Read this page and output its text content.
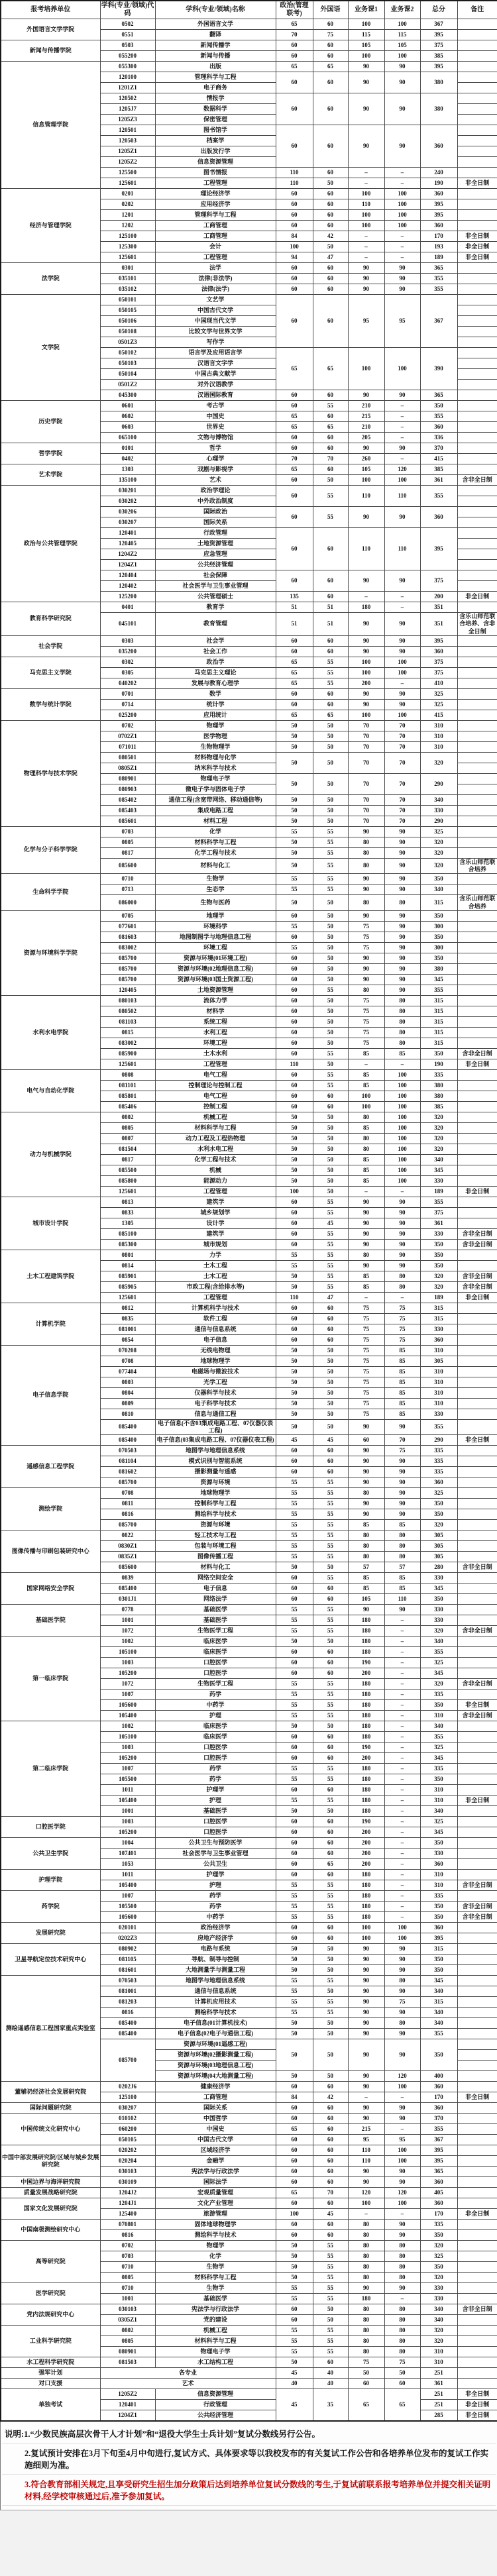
报考培养单位	学科(专业/领域)代码	学科(专业/领域)名称	政治(管理联考)	外国语	业务课1	业务课2	总分	备注
外国语言文学学院	0502	外国语言文学	65	60	100	100	367	
	0551	翻译	70	75	115	115	395	
新闻与传播学院	0503	新闻传播学	60	60	105	105	375	
	055200	新闻与传播	60	60	100	100	385	
信息管理学院	055300	出版	65	65	90	90	395	
	120100	管理科学与工程	60	60	90	90	380	
	1201Z1	电子商务						
	120502	情报学	60	60	90	90	380	
	1205J7	数据科学						
	1205Z3	保密管理						
	120501	图书馆学	60	60	90	90	360	
	120503	档案学						
	1205Z1	出版发行学						
	1205Z2	信息资源管理						
	125500	图书情报	110	60	–	–	240	
	125601	工程管理	110	50	–	–	190	非全日制
经济与管理学院	0201	理论经济学	60	60	100	100	360	
	0202	应用经济学	60	60	110	100	395	
	1201	管理科学与工程	60	60	100	100	395	
	1202	工商管理	60	60	100	100	360	
	125100	工商管理	84	42	–	–	170	非全日制
	125300	会计	100	50	–	–	193	非全日制
	125601	工程管理	94	47	–	–	189	非全日制
法学院	0301	法学	60	60	90	90	365	
	035101	法律(非法学)	60	60	90	90	355	
	035102	法律(法学)	60	60	90	90	355	
文学院	050101	文艺学	60	60	95	95	367	
	050105	中国古代文学						
	050106	中国现当代文学						
	050108	比较文学与世界文学						
	0501Z3	写作学						
	050102	语言学及应用语言学	65	65	100	100	390	
	050103	汉语言文字学						
	050104	中国古典文献学						
	0501Z2	对外汉语教学						
	045300	汉语国际教育	60	60	90	90	365	
历史学院	0601	考古学	60	55	210	–	350	
	0602	中国史	65	60	215	–	355	
	0603	世界史	65	65	210	–	360	
	065100	文物与博物馆	60	60	205	–	336	
哲学学院	0101	哲学	60	60	90	90	370	
	0402	心理学	70	70	260	–	415	
艺术学院	1303	戏剧与影视学	65	60	105	120	385	
	135100	艺术	60	50	100	100	361	含非全日制
政治与公共管理学院	030201	政治学理论	60	55	110	110	355	
	030202	中外政治制度						
	030206	国际政治	60	55	90	90	360	
	030207	国际关系						
	120401	行政管理	60	60	110	110	395	
	120405	土地资源管理						
	1204Z2	应急管理						
	1204Z1	公共经济管理						
	120404	社会保障	60	60	90	90	375	
	120402	社会医学与卫生事业管理						
	125200	公共管理硕士	135	60	–	–	200	非全日制
教育科学研究院	0401	教育学	51	51	180	–	351	
	045101	教育管理	51	51	90	90	351	含乐山师范联合培养、含非全日制
社会学院	0303	社会学	60	60	90	90	395	
	035200	社会工作	60	60	90	90	360	
马克思主义学院	0302	政治学	65	55	100	100	375	
	0305	马克思主义理论	65	55	100	100	375	
	040202	发展与教育心理学	65	55	200	–	410	
数学与统计学院	0701	数学	60	60	90	90	325	
	0714	统计学	60	60	90	90	325	
	025200	应用统计	65	65	100	100	415	
物理科学与技术学院	0702	物理学	50	50	70	70	310	
	0702Z1	医学物理	50	50	70	70	310	
	071011	生物物理学	50	50	70	70	310	
	080501	材料物理与化学	50	50	70	70	320	
	0805Z1	纳米科学与技术						
	080901	物理电子学	50	50	70	70	290	
	080903	微电子学与固体电子学						
	085402	通信工程(含宽带网络、移动通信等)	50	50	70	70	340	
	085403	集成电路工程	50	50	70	70	330	
	085601	材料工程	50	50	70	70	290	
化学与分子科学学院	0703	化学	55	55	90	90	325	
	0805	材料科学与工程	50	55	80	90	320	
	0817	化学工程与技术	50	55	80	90	320	
	085600	材料与化工	50	55	80	90	320	含乐山师范联合培养
生命科学学院	0710	生物学	55	55	90	90	350	
	0713	生态学	55	55	90	90	340	
	086000	生物与医药	50	50	80	80	315	含乐山师范联合培养
资源与环境科学学院	0705	地理学	60	50	90	90	350	
	077601	环境科学	55	50	75	90	300	
	081603	地图制图学与地理信息工程	60	50	75	90	350	
	083002	环境工程	55	50	75	90	300	
	085700	资源与环境(01环境工程)	60	50	90	90	350	
	085700	资源与环境(02地理信息工程)	60	50	90	90	380	
	085700	资源与环境(03国土资源工程)	60	50	90	90	345	
	120405	土地资源管理	60	55	80	90	355	
水利水电学院	080103	流体力学	60	50	75	80	315	
	080502	材料学	60	50	75	80	315	
	081103	系统工程	60	50	75	80	315	
	0815	水利工程	60	50	75	80	315	
	083002	环境工程	60	50	75	80	315	
	085900	土木水利	60	55	85	85	350	含非全日制
	125601	工程管理	110	50	–	–	190	非全日制
电气与自动化学院	0808	电气工程	60	55	85	100	335	
	081101	控制理论与控制工程	60	55	85	100	380	
	085801	电气工程	60	60	100	100	380	
	085406	控制工程	60	60	100	100	385	
动力与机械学院	0802	机械工程	50	50	80	100	320	
	0805	材料科学与工程	50	50	85	100	320	
	0807	动力工程及工程热物理	50	50	80	100	320	
	081504	水利水电工程	50	50	80	100	320	
	0817	化学工程与技术	50	50	85	100	340	
	085500	机械	50	50	85	100	345	
	085800	能源动力	50	50	85	100	330	
	125601	工程管理	100	50	–	–	189	非全日制
城市设计学院	0813	建筑学	60	55	90	90	355	
	0833	城乡规划学	60	55	90	90	375	
	1305	设计学	60	45	90	90	361	
	085100	建筑学	60	55	90	90	330	含非全日制
	085300	城市规划	60	55	90	90	350	含非全日制
土木工程建筑学院	0801	力学	55	55	80	90	350	
	0814	土木工程	55	55	90	90	350	
	085901	土木工程	50	55	85	80	320	含非全日制
	085905	市政工程(含给排水等)	50	55	85	80	320	含非全日制
	125601	工程管理	110	47	–	–	189	非全日制
计算机学院	0812	计算机科学与技术	60	60	75	75	315	
	0835	软件工程	60	60	75	75	315	
	081001	通信与信息系统	60	60	75	75	330	
	0854	电子信息	60	60	75	75	360	
电子信息学院	070208	无线电物理	50	50	75	85	310	
	0708	地球物理学	50	50	75	85	305	
	077404	电磁场与微波技术	50	50	75	85	310	
	0803	光学工程	50	50	75	85	310	
	0804	仪器科学与技术	50	50	75	85	310	
	0809	电子科学与技术	50	50	75	85	310	
	0810	信息与通信工程	50	50	75	85	330	
	085400	电子信息(不含03集成电路工程、07仪器仪表工程)	50	50	90	90	355	
	085400	电子信息(03集成电路工程、07仪器仪表工程)	45	45	60	70	290	非全日制
遥感信息工程学院	070503	地图学与地理信息系统	60	60	90	75	335	
	081104	模式识别与智能系统	60	60	90	90	335	
	081602	摄影测量与遥感	60	60	90	90	335	
	085700	资源与环境	55	55	90	90	360	
测绘学院	0708	地球物理学	55	55	80	90	325	
	0811	控制科学与工程	55	55	90	90	350	
	0816	测绘科学与技术	55	55	90	90	350	
	085700	资源与环境	55	55	85	85	320	
图像传播与印刷包装研究中心	0822	轻工技术与工程	55	55	80	80	305	
	0830Z1	包装与环境工程	55	55	80	80	305	
	0835Z1	图像传播工程	55	55	80	80	305	
	085600	材料与化工	50	50	57	57	280	含非全日制
国家网络安全学院	0839	网络空间安全	60	55	85	85	330	
	085400	电子信息	60	60	85	85	345	
	0301J1	网络法学	60	60	105	110	350	
基础医学院	0778	基础医学	55	55	90	90	330	
	1001	基础医学	55	55	180	–	330	
	1072	生物医学工程	55	55	180	–	320	含非全日制
第一临床学院	1002	临床医学	50	50	180	–	340	
	105100	临床医学	60	60	180	–	355	
	1003	口腔医学	60	60	190	–	325	
	105200	口腔医学	60	60	200	–	345	
	1072	生物医学工程	55	55	180	–	320	含非全日制
	1007	药学	55	55	180	–	335	
	105600	中药学	55	55	180	–	350	非全日制
	105400	护理	55	55	180	–	310	含非全日制
第二临床学院	1002	临床医学	50	50	180	–	340	
	105100	临床医学	60	60	180	–	355	
	1003	口腔医学	60	60	190	–	325	
	105200	口腔医学	60	60	200	–	345	
	1007	药学	55	55	180	–	335	
	105500	药学	55	55	180	–	350	
	1011	护理学	60	60	180	–	310	
	105400	护理	55	55	180	–	310	非全日制
	1001	基础医学	50	50	180	–	340	
口腔医学院	1003	口腔医学	60	60	190	–	325	
	105200	口腔医学	60	60	200	–	345	
公共卫生学院	1004	公共卫生与预防医学	60	60	200	–	350	
	107401	社会医学与卫生事业管理	60	60	200	–	330	
	1053	公共卫生	60	65	200	–	360	
护理学院	1011	护理学	60	60	180	–	310	
	105400	护理	55	55	180	–	310	含非全日制
药学院	1007	药学	55	55	180	–	335	
	105500	药学	55	55	180	–	350	含非全日制
	105600	中药学	55	55	180	–	350	含非全日制
发展研究院	020101	政治经济学	60	60	100	100	360	
	0202Z3	房地产经济学	60	60	100	100	395	
卫星导航定位技术研究中心	080902	电路与系统	50	50	90	90	315	
	081105	导航、制导与控制	50	50	90	90	350	
	081601	大地测量学与测量工程	50	50	90	90	350	
测绘遥感信息工程国家重点实验室	070503	地图学与地理信息系统	55	55	90	80	345	
	081001	通信与信息系统	55	50	90	90	340	
	081203	计算机应用技术	55	55	90	75	315	
	0816	测绘科学与技术	55	55	90	90	340	
	085400	电子信息(01计算机技术)	50	50	90	80	340	
	085400	电子信息(02电子与通信工程)	50	50	90	90	355	
	085700	资源与环境(01遥感工程)	50	50	90	90	350	
		资源与环境(02摄影测量工程)						
		资源与环境(03地理信息工程)						
		资源与环境(04大地测量工程)	50	50	90	120	400	
董辅礽经济社会发展研究院	0202J6	健康经济学	60	60	90	100	360	
	125100	工商管理	84	42	–	–	170	非全日制
国际问题研究院	030207	国际关系	60	60	90	90	360	
中国传统文化研究中心	010102	中国哲学	60	60	90	90	370	
	060200	中国史	65	60	215	–	355	
	050105	中国古代文学	60	60	95	95	367	
中国中部发展研究院/区域与城乡发展研究院	020202	区域经济学	60	60	110	100	395	
	020204	金融学	60	60	110	100	395	
	030103	宪法学与行政法学	60	60	90	90	365	
中国边界与海洋研究院	030109	国际法学	60	60	90	90	360	
质量发展战略研究院	1204J2	宏观质量管理	65	70	120	120	405	
国家文化发展研究院	1204J1	文化产业管理	60	60	100	100	360	
	125400	旅游管理	100	45	–	–	170	非全日制
中国南极测绘研究中心	070801	固体地球物理学	60	60	80	90	335	
	0816	测绘科学与技术	60	60	80	90	350	
高等研究院	0702	物理学	50	55	80	80	320	
	0703	化学	50	55	80	80	325	
	0710	生物学	50	55	80	80	350	
	0805	材料科学与工程	50	55	80	80	320	
医学研究院	0710	生物学	55	55	90	90	330	
	1001	基础医学	55	55	180	–	330	
党内法规研究中心	030103	宪法学与行政法学	60	50	80	80	340	含非全日制
	0305Z1	党的建设	60	50	80	80	340	
工业科学研究院	0802	机械工程	55	55	80	80	320	
	0805	材料科学与工程	55	55	80	80	320	
	080901	物理电子学	55	55	80	80	310	
水工程科学研究院	081503	水工结构工程	50	60	75	75	310	
强军计划	各专业		45	40	50	50	251	
对口支援	艺术		40	40	60	60	361	
单独考试	1205Z2	信息资源管理	45	35	65	65	251	非全日制
	120401	行政管理					251	非全日制
	1204Z1	公共经济管理					285	非全日制
说明:1.“少数民族高层次骨干人才计划”和“退役大学生士兵计划”复试分数线另行公告。
2.复试预计安排在3月下旬至4月中旬进行,复试方式、具体要求等以我校发布的有关复试工作公告和各培养单位发布的复试工作实施细则为准。
3.符合教育部相关规定,且享受研究生招生加分政策后达到培养单位复试分数线的考生,于复试前联系报考培养单位并提交相关证明材料,经学校审核通过后,准予参加复试。
